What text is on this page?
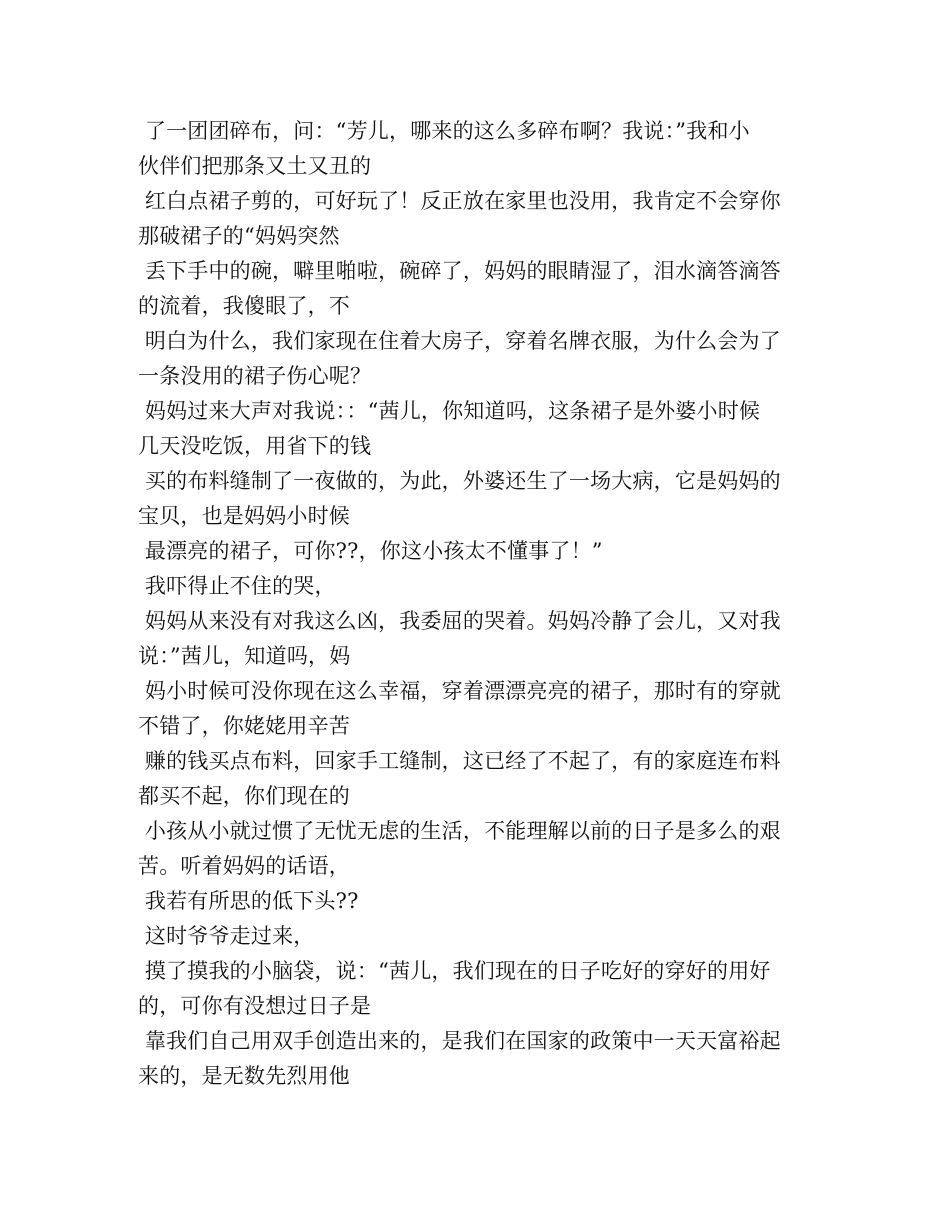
了一团团碎布，问：“芳儿，哪来的这么多碎布啊？我说：”我和小
伙伴们把那条又土又丑的
红白点裙子剪的，可好玩了！反正放在家里也没用，我肯定不会穿你
那破裙子的“妈妈突然
丢下手中的碗，噼里啪啦，碗碎了，妈妈的眼睛湿了，泪水滴答滴答
的流着，我傻眼了，不
明白为什么，我们家现在住着大房子，穿着名牌衣服，为什么会为了
一条没用的裙子伤心呢？
妈妈过来大声对我说：：“茜儿，你知道吗，这条裙子是外婆小时候
几天没吃饭，用省下的钱
买的布料缝制了一夜做的，为此，外婆还生了一场大病，它是妈妈的
宝贝，也是妈妈小时候
最漂亮的裙子，可你??，你这小孩太不懂事了！”
我吓得止不住的哭，
妈妈从来没有对我这么凶，我委屈的哭着。妈妈冷静了会儿，又对我
说：”茜儿，知道吗，妈
妈小时候可没你现在这么幸福，穿着漂漂亮亮的裙子，那时有的穿就
不错了，你姥姥用辛苦
赚的钱买点布料，回家手工缝制，这已经了不起了，有的家庭连布料
都买不起，你们现在的
小孩从小就过惯了无忧无虑的生活，不能理解以前的日子是多么的艰
苦。听着妈妈的话语，
我若有所思的低下头??
这时爷爷走过来，
摸了摸我的小脑袋，说：“茜儿，我们现在的日子吃好的穿好的用好
的，可你有没想过日子是
靠我们自己用双手创造出来的，是我们在国家的政策中一天天富裕起
来的，是无数先烈用他
